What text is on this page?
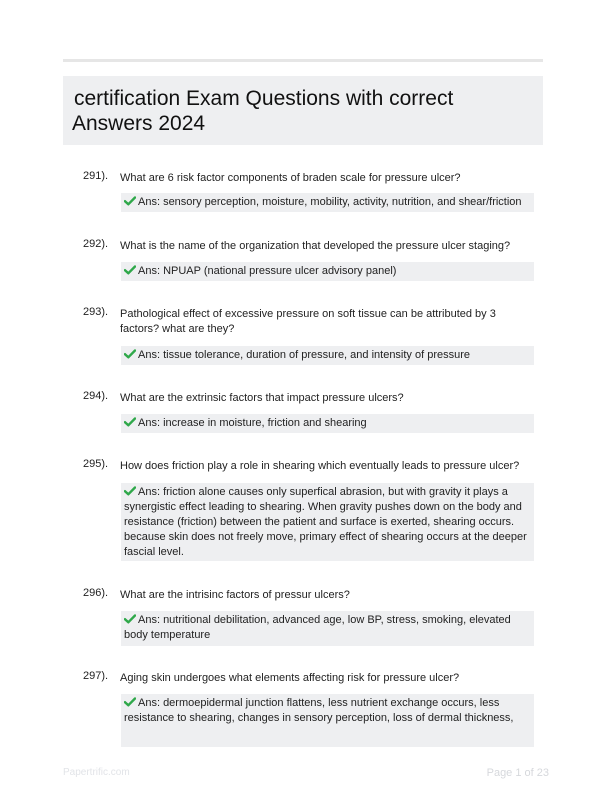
certification Exam Questions with correct
Answers 2024
291). What are 6 risk factor components of braden scale for pressure ulcer?
Ans: sensory perception, moisture, mobility, activity, nutrition, and shear/friction
292). What is the name of the organization that developed the pressure ulcer staging?
Ans: NPUAP (national pressure ulcer advisory panel)
293). Pathological effect of excessive pressure on soft tissue can be attributed by 3 factors? what are they?
Ans: tissue tolerance, duration of pressure, and intensity of pressure
294). What are the extrinsic factors that impact pressure ulcers?
Ans: increase in moisture, friction and shearing
295). How does friction play a role in shearing which eventually leads to pressure ulcer?
Ans: friction alone causes only superfical abrasion, but with gravity it plays a synergistic effect leading to shearing. When gravity pushes down on the body and resistance (friction) between the patient and surface is exerted, shearing occurs. because skin does not freely move, primary effect of shearing occurs at the deeper fascial level.
296). What are the intrisinc factors of pressur ulcers?
Ans: nutritional debilitation, advanced age, low BP, stress, smoking, elevated body temperature
297). Aging skin undergoes what elements affecting risk for pressure ulcer?
Ans: dermoepidermal junction flattens, less nutrient exchange occurs, less resistance to shearing, changes in sensory perception, loss of dermal thickness,
Papertrific.com	Page 1 of 23
